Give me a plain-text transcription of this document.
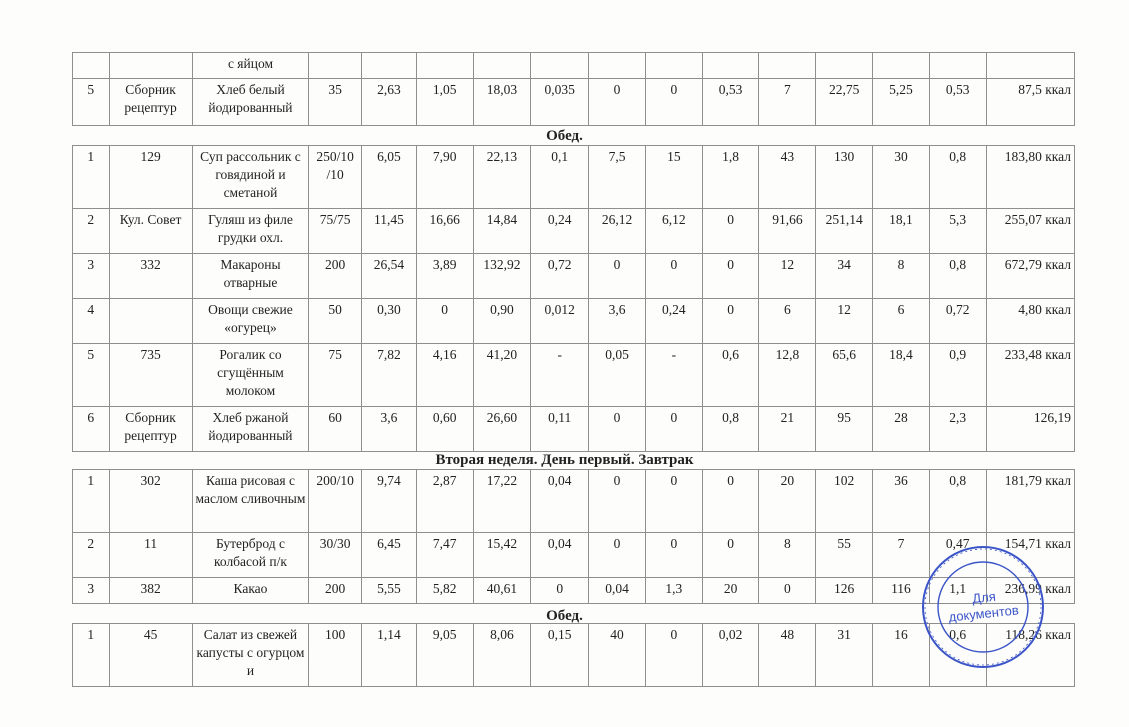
		с яйцом													
5	Сборник рецептур	Хлеб белый йодированный	35	2,63	1,05	18,03	0,035	0	0	0,53	7	22,75	5,25	0,53	87,5 ккал
Обед.
1	129	Суп рассольник с говядиной и сметаной	250/10 /10	6,05	7,90	22,13	0,1	7,5	15	1,8	43	130	30	0,8	183,80 ккал
2	Кул. Совет	Гуляш из филе грудки охл.	75/75	11,45	16,66	14,84	0,24	26,12	6,12	0	91,66	251,14	18,1	5,3	255,07 ккал
3	332	Макароны отварные	200	26,54	3,89	132,92	0,72	0	0	0	12	34	8	0,8	672,79 ккал
4		Овощи свежие «огурец»	50	0,30	0	0,90	0,012	3,6	0,24	0	6	12	6	0,72	4,80 ккал
5	735	Рогалик со сгущённым молоком	75	7,82	4,16	41,20	-	0,05	-	0,6	12,8	65,6	18,4	0,9	233,48 ккал
6	Сборник рецептур	Хлеб ржаной йодированный	60	3,6	0,60	26,60	0,11	0	0	0,8	21	95	28	2,3	126,19
Вторая неделя. День первый. Завтрак
1	302	Каша рисовая с маслом сливочным	200/10	9,74	2,87	17,22	0,04	0	0	0	20	102	36	0,8	181,79 ккал
2	11	Бутерброд с колбасой п/к	30/30	6,45	7,47	15,42	0,04	0	0	0	8	55	7	0,47	154,71 ккал
3	382	Какао	200	5,55	5,82	40,61	0	0,04	1,3	20	0	126	116	1,1	236,99 ккал
Обед.
1	45	Салат из свежей капусты с огурцом и	100	1,14	9,05	8,06	0,15	40	0	0,02	48	31	16	0,6	118,26 ккал
Для
документов
